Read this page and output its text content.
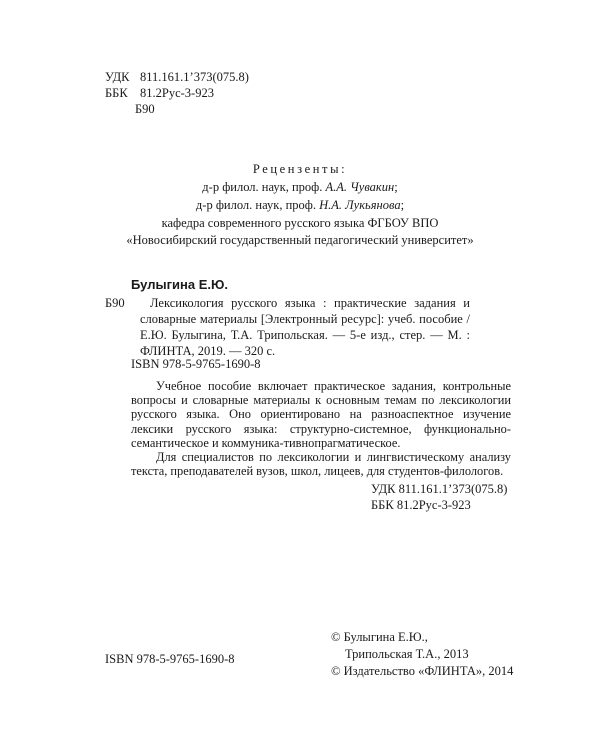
УДК 811.161.1’373(075.8)
ББК 81.2Рус-3-923
Б90
Рецензенты:
д-р филол. наук, проф. А.А. Чувакин;
д-р филол. наук, проф. Н.А. Лукьянова;
кафедра современного русского языка ФГБОУ ВПО
«Новосибирский государственный педагогический университет»
Булыгина Е.Ю.
Б90	Лексикология русского языка : практические задания и словарные материалы [Электронный ресурс]: учеб. пособие / Е.Ю. Булыгина, Т.А. Трипольская. — 5-е изд., стер. — М. : ФЛИНТА, 2019. — 320 с.

ISBN 978-5-9765-1690-8

Учебное пособие включает практическое задания, контрольные вопросы и словарные материалы к основным темам по лексикологии русского языка. Оно ориентировано на разноаспектное изучение лексики русского языка: структурно-системное, функционально-семантическое и коммуника-тивнопрагматическое.

Для специалистов по лексикологии и лингвистическому анализу текста, преподавателей вузов, школ, лицеев, для студентов-филологов.

УДК 811.161.1’373(075.8)
ББК 81.2Рус-3-923
ISBN 978-5-9765-1690-8
© Булыгина Е.Ю.,
Трипольская Т.А., 2013
© Издательство «ФЛИНТА», 2014
